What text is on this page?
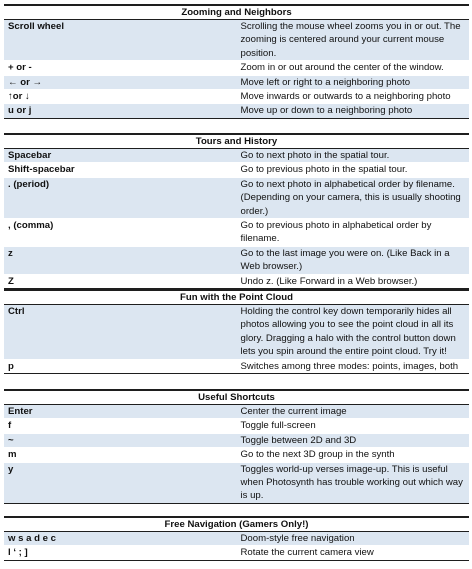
Zooming and Neighbors	
Scroll wheel	Scrolling the mouse wheel zooms you in or out. The zooming is centered around your current mouse position.
+ or -	Zoom in or out around the center of the window.
← or →	Move left or right to a neighboring photo
↑or ↓	Move inwards or outwards to a neighboring photo
u or j	Move up or down to a neighboring photo
Tours and History	
Spacebar	Go to next photo in the spatial tour.
Shift-spacebar	Go to previous photo in the spatial tour.
. (period)	Go to next photo in alphabetical order by filename. (Depending on your camera, this is usually shooting order.)
, (comma)	Go to previous photo in alphabetical order by filename.
z	Go to the last image you were on. (Like Back in a Web browser.)
Z	Undo z. (Like Forward in a Web browser.)
Fun with the Point Cloud	
Ctrl	Holding the control key down temporarily hides all photos allowing you to see the point cloud in all its glory. Dragging a halo with the control button down lets you spin around the entire point cloud. Try it!
p	Switches among three modes: points, images, both
Useful Shortcuts	
Enter	Center the current image
f	Toggle full-screen
~	Toggle between 2D and 3D
m	Go to the next 3D group in the synth
y	Toggles world-up verses image-up. This is useful when Photosynth has trouble working out which way is up.
Free Navigation (Gamers Only!)	
w s a d e c	Doom-style free navigation
l ‘ ; ]	Rotate the current camera view
